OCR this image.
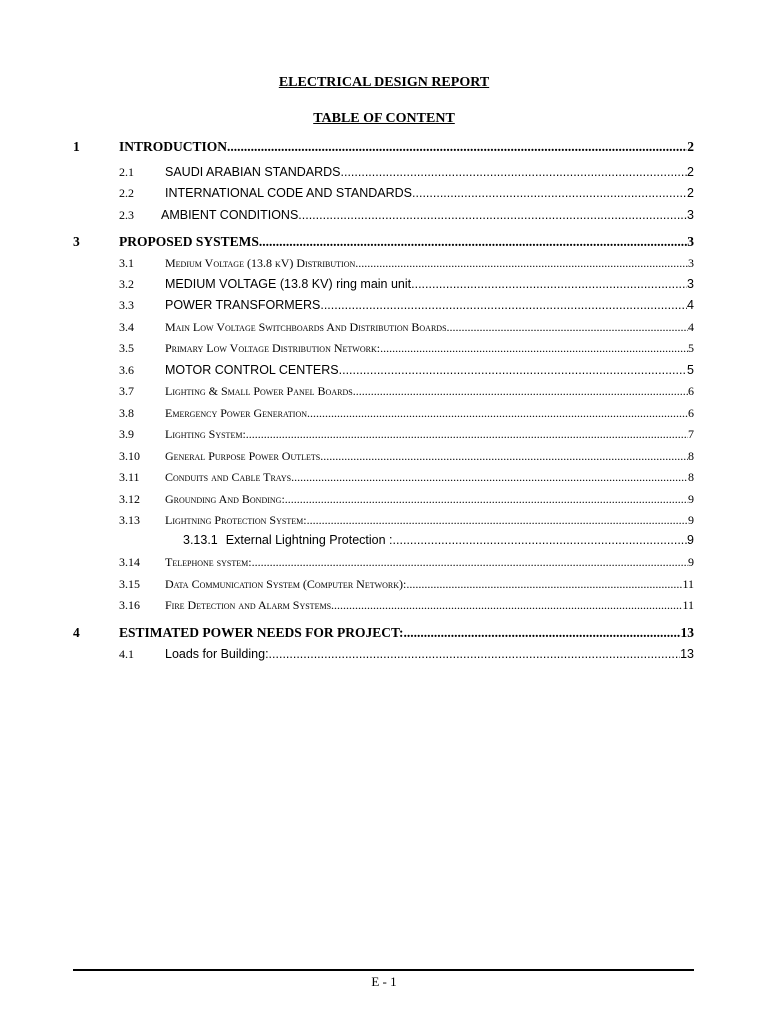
ELECTRICAL DESIGN REPORT
TABLE OF CONTENT
1	INTRODUCTION .....	2
2.1 SAUDI ARABIAN STANDARDS .....	2
2.2 INTERNATIONAL CODE AND STANDARDS .....	2
2.3 AMBIENT CONDITIONS .....	3
3	PROPOSED SYSTEMS .....	3
3.1	Medium Voltage (13.8 kV) Distribution .....	3
3.2 MEDIUM VOLTAGE (13.8 KV) ring main unit .....	3
3.3 POWER TRANSFORMERS .....	4
3.4	Main Low Voltage Switchboards And Distribution Boards .....	4
3.5	Primary Low Voltage Distribution Network: .....	5
3.6 MOTOR CONTROL CENTERS .....	5
3.7	Lighting & Small Power Panel Boards .....	6
3.8	Emergency Power Generation .....	6
3.9	Lighting System: .....	7
3.10 General Purpose Power Outlets .....	8
3.11 Conduits and Cable Trays .....	8
3.12 Grounding And Bonding: .....	9
3.13 Lightning Protection System: .....	9
3.13.1 External Lightning Protection : .....	9
3.14 Telephone system: .....	9
3.15 Data Communication System (Computer Network): .....	11
3.16 Fire Detection and Alarm Systems .....	11
4	ESTIMATED POWER NEEDS FOR PROJECT: .....	13
4.1 Loads for Building: .....	13
E - 1
